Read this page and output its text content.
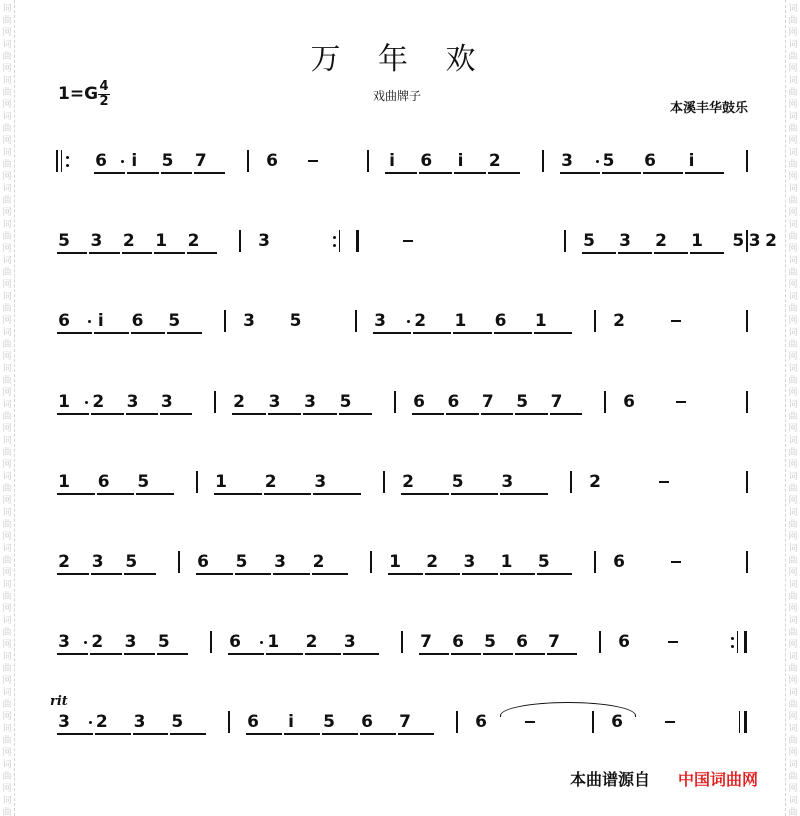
词
曲
网
词
曲
网
词
曲
网
词
曲
网
词
曲
网
词
曲
网
词
曲
网
词
曲
网
词
曲
网
词
曲
网
词
曲
网
词
曲
网
词
曲
网
词
曲
网
词
曲
网
词
曲
网
词
曲
网
词
曲
网
词
曲
网
词
曲
网
词
曲
网
词
曲
网
词
曲
词
曲
网
词
曲
网
词
曲
网
词
曲
网
词
曲
网
词
曲
网
词
曲
网
词
曲
网
词
曲
网
词
曲
网
词
曲
网
词
曲
网
词
曲
网
词
曲
网
词
曲
网
词
曲
网
词
曲
网
词
曲
网
词
曲
网
词
曲
网
词
曲
网
词
曲
网
词
曲
万 年 欢
戏曲牌子
本溪丰华鼓乐
$1=G \frac{4}{2}$
6 i 5 7	6	i 6 i 2	3 5 6 i
5 3 2 1 2	3	5 3 2 1	2
3
5
6 i 6 5	3 5	3 2 1 6 1	2
1 2 3 3	2 3 3 5	6 6 7 5 7	6
1 6 5	1 2 3	2 5 3	2
2 3 5	6 5 3 2	1 2 3 1 5	6
3 2 3 5	6 1 2 3	7 6 5 6 7	6
3 2 3 5	6 i 5 6 7	6	6
rit
本曲谱源自 中国词曲网
